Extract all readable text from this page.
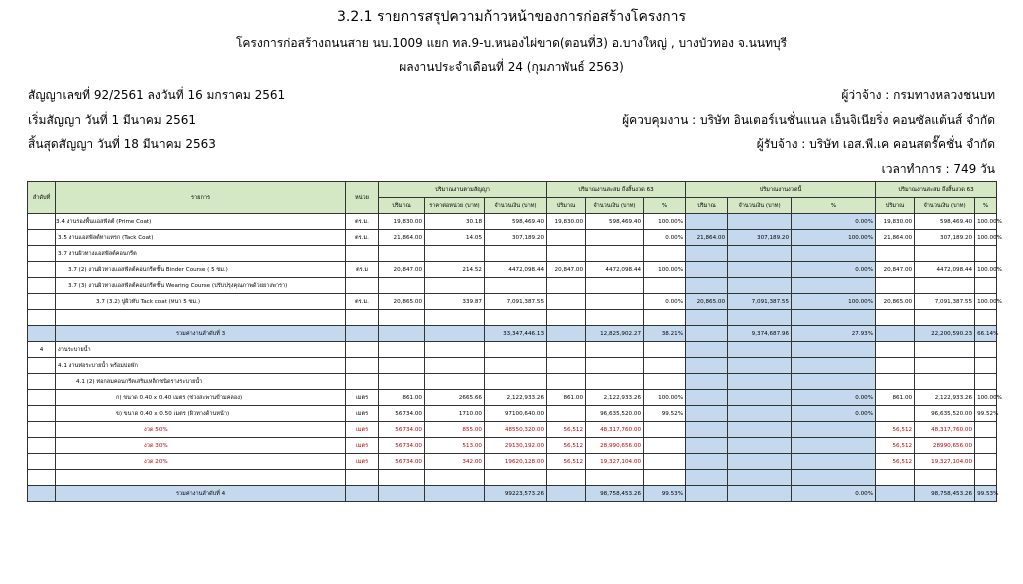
3.2.1 รายการสรุปความก้าวหน้าของการก่อสร้างโครงการ
โครงการก่อสร้างถนนสาย นบ.1009 แยก ทล.9-บ.หนองไผ่ขาด(ตอนที่3) อ.บางใหญ่ , บางบัวทอง จ.นนทบุรี
ผลงานประจำเดือนที่ 24 (กุมภาพันธ์ 2563)
สัญญาเลขที่ 92/2561 ลงวันที่ 16 มกราคม 2561
เริ่มสัญญา วันที่ 1 มีนาคม 2561
สิ้นสุดสัญญา วันที่ 18 มีนาคม 2563
ผู้ว่าจ้าง : กรมทางหลวงชนบท
ผู้ควบคุมงาน : บริษัท อินเตอร์เนชั่นแนล เอ็นจิเนียริ่ง คอนซัลแต้นส์ จำกัด
ผู้รับจ้าง : บริษัท เอส.พี.เค คอนสตรั๊คชั่น จำกัด
เวลาทำการ : 749 วัน
ลำดับที่	รายการ	หน่วย	ปริมาณงานตามสัญญา			ปริมาณงานสะสม ถึงสิ้นงวด 63			ปริมาณงานงวดนี้			ปริมาณงานสะสม ถึงสิ้นงวด 63		
			ปริมาณ	ราคาต่อหน่วย (บาท)	จำนวนเงิน (บาท)	ปริมาณ	จำนวนเงิน (บาท)	%	ปริมาณ	จำนวนเงิน (บาท)	%	ปริมาณ	จำนวนเงิน (บาท)	%
	3.4 งานรองพื้นแอสฟัลต์ (Prime Coat)	ตร.ม.	19,830.00	30.18	598,469.40	19,830.00	598,469.40	100.00%			0.00%	19,830.00	598,469.40	100.00%
	3.5 งานแอสฟัลต์ทาแทรก (Tack Coat)	ตร.ม.	21,864.00	14.05	307,189.20			0.00%	21,864.00	307,189.20	100.00%	21,864.00	307,189.20	100.00%
	3.7 งานผิวทางแอสฟัลต์คอนกรีต													
	3.7 (2) งานผิวทางแอสฟัลต์คอนกรีตชั้น Binder Course ( 5 ซม.)	ตร.ม	20,847.00	214.52	4472,098.44	20,847.00	4472,098.44	100.00%			0.00%	20,847.00	4472,098.44	100.00%
	3.7 (3) งานผิวทางแอสฟัลต์คอนกรีตชั้น Wearing Course (ปรับปรุงคุณภาพด้วยยางพารา)													
	3.7 (3.2) ปูผิวทับ Tack coat (หนา 5 ซม.)	ตร.ม.	20,865.00	339.87	7,091,387.55			0.00%	20,865.00	7,091,387.55	100.00%	20,865.00	7,091,387.55	100.00%

	รวมค่างานลำดับที่ 3				33,347,446.13		12,825,902.27	38.21%		9,374,687.96	27.93%		22,200,590.23	66.14%
4	งานระบายน้ำ													
	4.1 งานท่อระบายน้ำ พร้อมบ่อพัก													
	4.1 (2) ท่อกลมคอนกรีตเสริมเหล็กชนิดรางระบายน้ำ													
	ก) ขนาด 0.40 x 0.40 เมตร (ช่วงสะพานข้ามคลอง)	เมตร	861.00	2665.66	2,122,933.26	861.00	2,122,933.26	100.00%			0.00%	861.00	2,122,933.26	100.00%
	ข) ขนาด 0.40 x 0.50 เมตร (ผิวทางด้านหน้า)	เมตร	56734.00	1710.00	97100,640.00		96,635,520.00	99.52%			0.00%		96,635,520.00	99.52%
	งวด 50%	เมตร	56734.00	855.00	48550,320.00	56,512	48,317,760.00					56,512	48,317,760.00	
	งวด 30%	เมตร	56734.00	513.00	29130,192.00	56,512	28,990,656.00					56,512	28990,656.00	
	งวด 20%	เมตร	56734.00	342.00	19620,128.00	56,512	19,327,104.00					56,512	19,327,104.00	

	รวมค่างานลำดับที่ 4				99223,573.26		98,758,453.26	99.53%			0.00%		98,758,453.26	99.53%
